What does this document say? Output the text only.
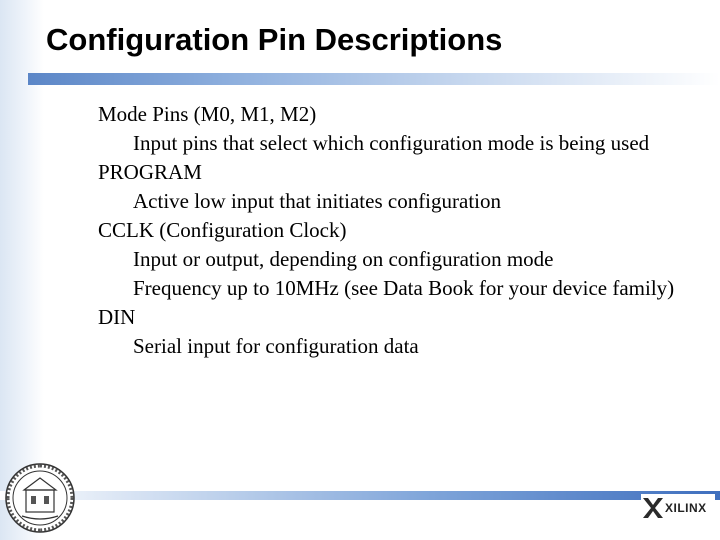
Configuration Pin Descriptions

Mode Pins (M0, M1, M2)

Input pins that select which configuration mode is being used

PROGRAM

Active low input that initiates configuration

CCLK (Configuration Clock)

Input or output, depending on configuration mode

Frequency up to 10MHz (see Data Book for your device family)

DIN

Serial input for configuration data

XILINX
